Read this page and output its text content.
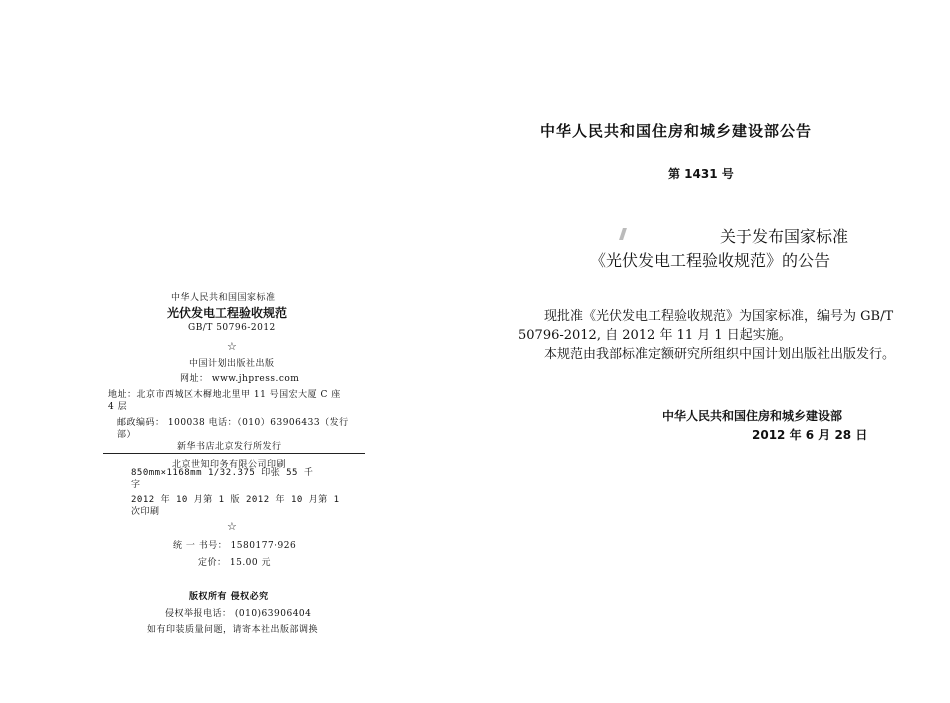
中华人民共和国国家标准
光伏发电工程验收规范
GB/T 50796-2012
☆
中国计划出版社出版
网址： www.jhpress.com
地址：北京市西城区木樨地北里甲 11 号国宏大厦 C 座
4 层
邮政编码： 100038 电话：（010）63906433（发行
部）
新华书店北京发行所发行
北京世知印务有限公司印刷
850mm×1168mm 1/32.375 印张 55 千
字
2012 年 10 月第 1 版 2012 年 10 月第 1
次印刷
☆
统 一 书号： 1580177·926
定价： 15.00 元
版权所有 侵权必究
侵权举报电话： (010)63906404
如有印装质量问题，请寄本社出版部调换
中华人民共和国住房和城乡建设部公告
第 1431 号
关于发布国家标准
《光伏发电工程验收规范》的公告
现批准《光伏发电工程验收规范》为国家标准，编号为 GB/T 50796-2012, 自 2012 年 11 月 1 日起实施。
本规范由我部标准定额研究所组织中国计划出版社出版发行。
中华人民共和国住房和城乡建设部
2012 年 6 月 28 日
